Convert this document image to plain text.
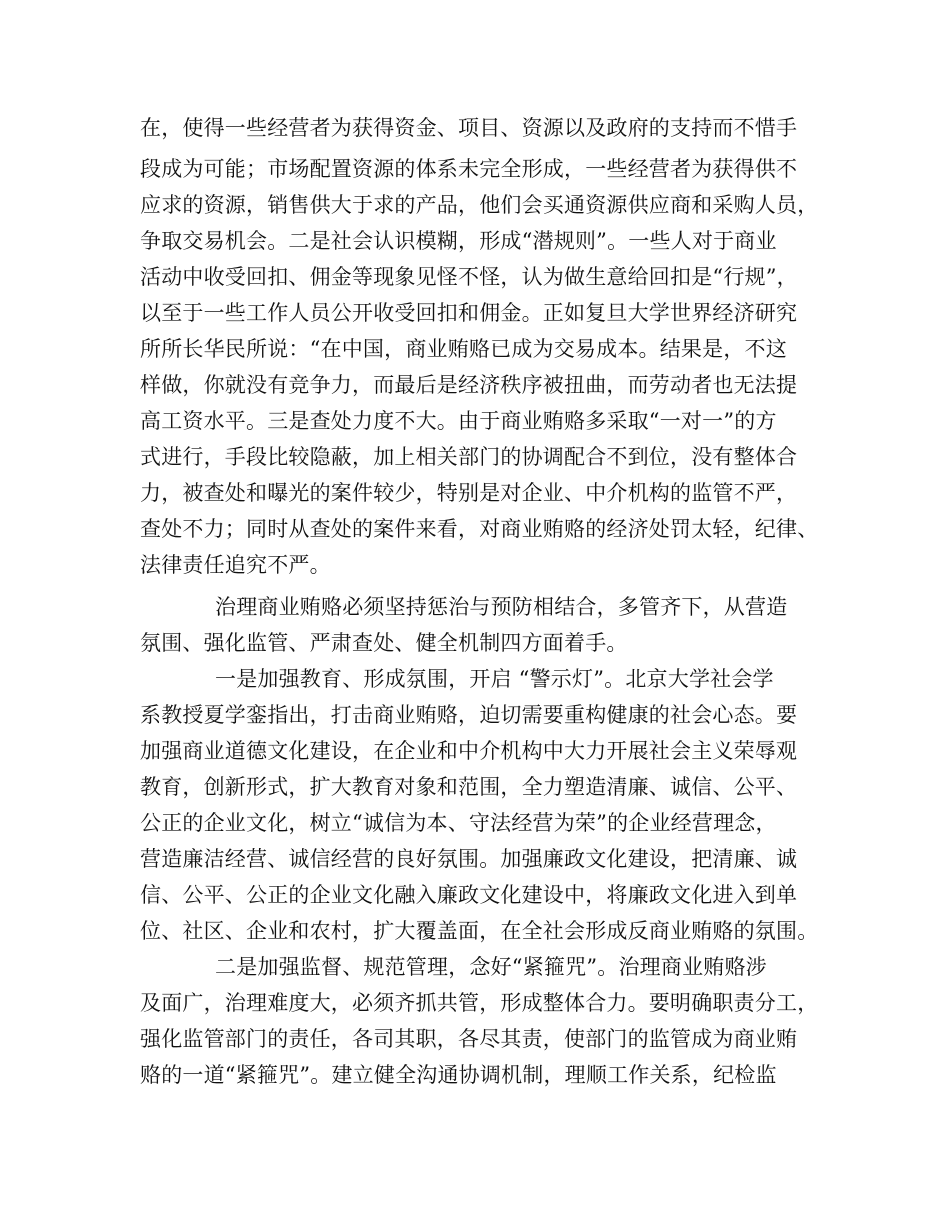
在，使得一些经营者为获得资金、项目、资源以及政府的支持而不惜手
段成为可能；市场配置资源的体系未完全形成，一些经营者为获得供不
应求的资源，销售供大于求的产品，他们会买通资源供应商和采购人员，
争取交易机会。二是社会认识模糊，形成“潜规则”。一些人对于商业
活动中收受回扣、佣金等现象见怪不怪，认为做生意给回扣是“行规”，
以至于一些工作人员公开收受回扣和佣金。正如复旦大学世界经济研究
所所长华民所说：“在中国，商业贿赂已成为交易成本。结果是，不这
样做，你就没有竞争力，而最后是经济秩序被扭曲，而劳动者也无法提
高工资水平。三是查处力度不大。由于商业贿赂多采取“一对一”的方
式进行，手段比较隐蔽，加上相关部门的协调配合不到位，没有整体合
力，被查处和曝光的案件较少，特别是对企业、中介机构的监管不严，
查处不力；同时从查处的案件来看，对商业贿赂的经济处罚太轻，纪律、
法律责任追究不严。
治理商业贿赂必须坚持惩治与预防相结合，多管齐下，从营造
氛围、强化监管、严肃查处、健全机制四方面着手。
一是加强教育、形成氛围，开启 “警示灯”。北京大学社会学
系教授夏学銮指出，打击商业贿赂，迫切需要重构健康的社会心态。要
加强商业道德文化建设，在企业和中介机构中大力开展社会主义荣辱观
教育，创新形式，扩大教育对象和范围，全力塑造清廉、诚信、公平、
公正的企业文化，树立“诚信为本、守法经营为荣”的企业经营理念，
营造廉洁经营、诚信经营的良好氛围。加强廉政文化建设，把清廉、诚
信、公平、公正的企业文化融入廉政文化建设中，将廉政文化进入到单
位、社区、企业和农村，扩大覆盖面，在全社会形成反商业贿赂的氛围。
二是加强监督、规范管理，念好“紧箍咒”。治理商业贿赂涉
及面广，治理难度大，必须齐抓共管，形成整体合力。要明确职责分工，
强化监管部门的责任，各司其职，各尽其责，使部门的监管成为商业贿
赂的一道“紧箍咒”。建立健全沟通协调机制，理顺工作关系，纪检监
